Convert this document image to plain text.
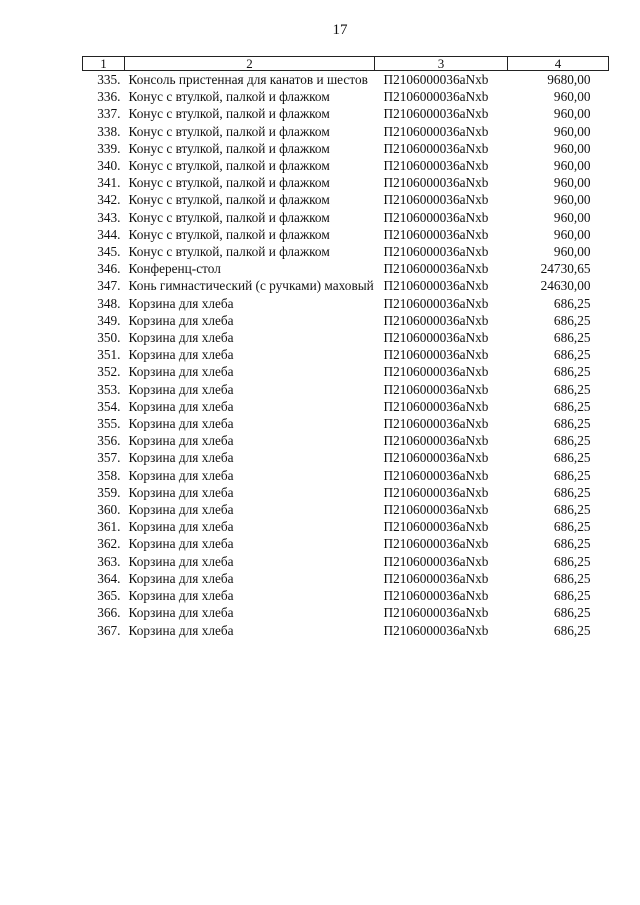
17
1	2	3	4
335.	Консоль пристенная для канатов и шестов	П2106000036аNxb	9680,00
336.	Конус с втулкой, палкой и флажком	П2106000036аNxb	960,00
337.	Конус с втулкой, палкой и флажком	П2106000036аNxb	960,00
338.	Конус с втулкой, палкой и флажком	П2106000036аNxb	960,00
339.	Конус с втулкой, палкой и флажком	П2106000036аNxb	960,00
340.	Конус с втулкой, палкой и флажком	П2106000036аNxb	960,00
341.	Конус с втулкой, палкой и флажком	П2106000036аNxb	960,00
342.	Конус с втулкой, палкой и флажком	П2106000036аNxb	960,00
343.	Конус с втулкой, палкой и флажком	П2106000036аNxb	960,00
344.	Конус с втулкой, палкой и флажком	П2106000036аNxb	960,00
345.	Конус с втулкой, палкой и флажком	П2106000036аNxb	960,00
346.	Конференц-стол	П2106000036аNxb	24730,65
347.	Конь гимнастический (с ручками) маховый	П2106000036аNxb	24630,00
348.	Корзина для хлеба	П2106000036аNxb	686,25
349.	Корзина для хлеба	П2106000036аNxb	686,25
350.	Корзина для хлеба	П2106000036аNxb	686,25
351.	Корзина для хлеба	П2106000036аNxb	686,25
352.	Корзина для хлеба	П2106000036аNxb	686,25
353.	Корзина для хлеба	П2106000036аNxb	686,25
354.	Корзина для хлеба	П2106000036аNxb	686,25
355.	Корзина для хлеба	П2106000036аNxb	686,25
356.	Корзина для хлеба	П2106000036аNxb	686,25
357.	Корзина для хлеба	П2106000036аNxb	686,25
358.	Корзина для хлеба	П2106000036аNxb	686,25
359.	Корзина для хлеба	П2106000036аNxb	686,25
360.	Корзина для хлеба	П2106000036аNxb	686,25
361.	Корзина для хлеба	П2106000036аNxb	686,25
362.	Корзина для хлеба	П2106000036аNxb	686,25
363.	Корзина для хлеба	П2106000036аNxb	686,25
364.	Корзина для хлеба	П2106000036аNxb	686,25
365.	Корзина для хлеба	П2106000036аNxb	686,25
366.	Корзина для хлеба	П2106000036аNxb	686,25
367.	Корзина для хлеба	П2106000036аNxb	686,25
